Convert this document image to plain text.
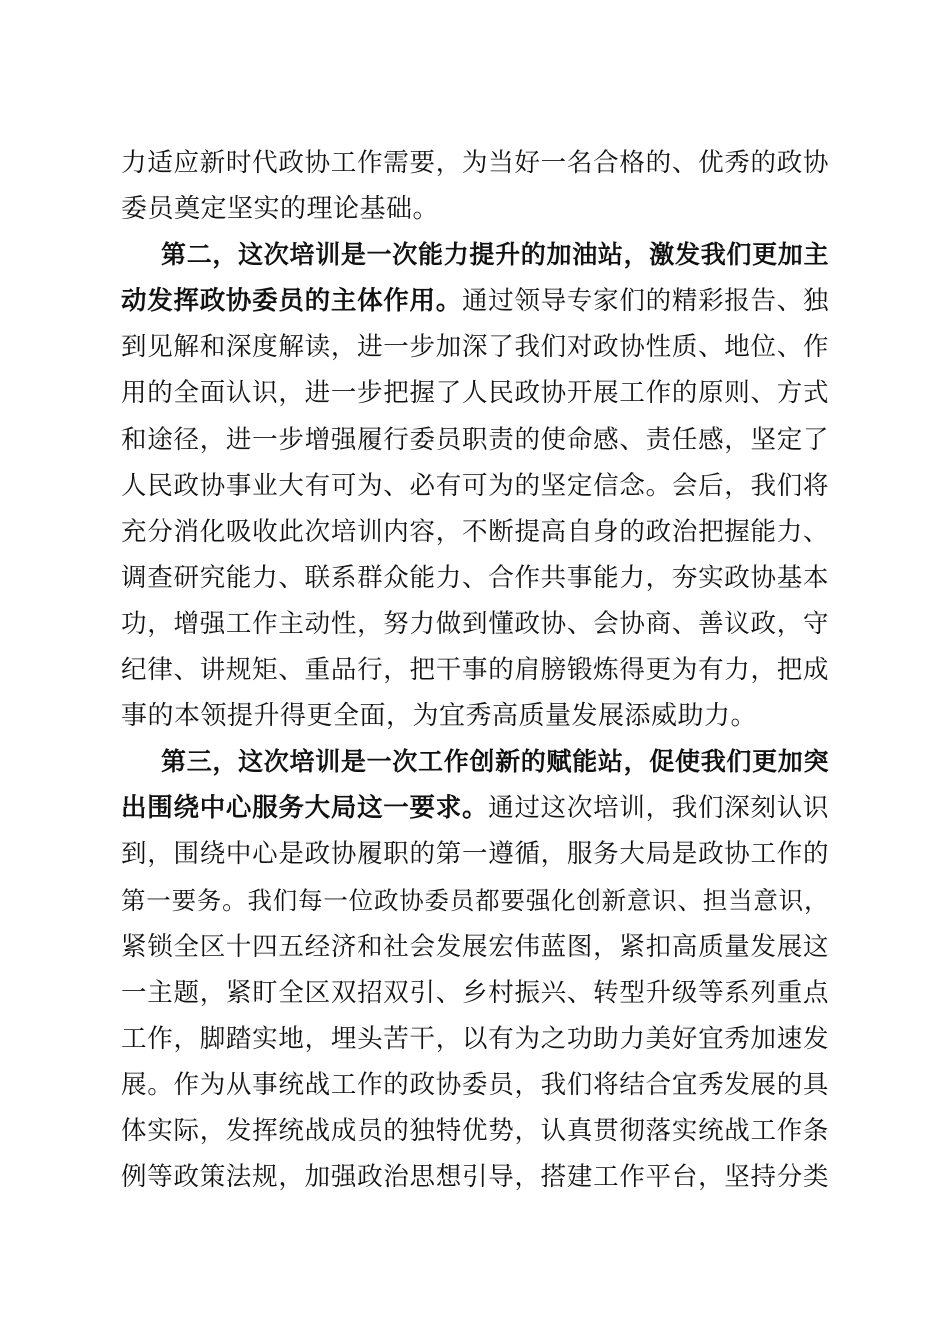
力适应新时代政协工作需要，为当好一名合格的、优秀的政协
委员奠定坚实的理论基础。
第二，这次培训是一次能力提升的加油站，激发我们更加主
动发挥政协委员的主体作用。通过领导专家们的精彩报告、独
到见解和深度解读，进一步加深了我们对政协性质、地位、作
用的全面认识，进一步把握了人民政协开展工作的原则、方式
和途径，进一步增强履行委员职责的使命感、责任感，坚定了
人民政协事业大有可为、必有可为的坚定信念。会后，我们将
充分消化吸收此次培训内容，不断提高自身的政治把握能力、
调查研究能力、联系群众能力、合作共事能力，夯实政协基本
功，增强工作主动性，努力做到懂政协、会协商、善议政，守
纪律、讲规矩、重品行，把干事的肩膀锻炼得更为有力，把成
事的本领提升得更全面，为宜秀高质量发展添威助力。
第三，这次培训是一次工作创新的赋能站，促使我们更加突
出围绕中心服务大局这一要求。通过这次培训，我们深刻认识
到，围绕中心是政协履职的第一遵循，服务大局是政协工作的
第一要务。我们每一位政协委员都要强化创新意识、担当意识，
紧锁全区十四五经济和社会发展宏伟蓝图，紧扣高质量发展这
一主题，紧盯全区双招双引、乡村振兴、转型升级等系列重点
工作，脚踏实地，埋头苦干，以有为之功助力美好宜秀加速发
展。作为从事统战工作的政协委员，我们将结合宜秀发展的具
体实际，发挥统战成员的独特优势，认真贯彻落实统战工作条
例等政策法规，加强政治思想引导，搭建工作平台，坚持分类
